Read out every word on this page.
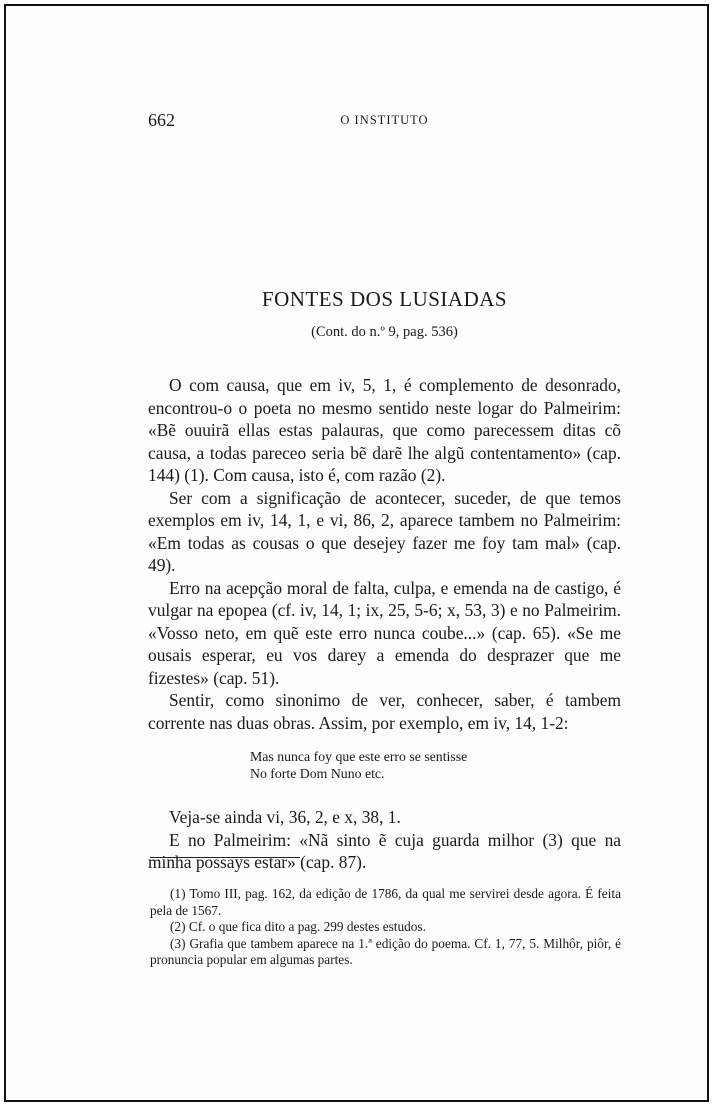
662	O INSTITUTO
FONTES DOS LUSIADAS
(Cont. do n.º 9, pag. 536)

O com causa, que em iv, 5, 1, é complemento de desonrado, encontrou-o o poeta no mesmo sentido neste logar do Palmeirim: «Bẽ ouuirã ellas estas palauras, que como parecessem ditas cõ causa, a todas pareceo seria bẽ darẽ lhe algũ contentamento» (cap. 144) (1). Com causa, isto é, com razão (2).

Ser com a significação de acontecer, suceder, de que temos exemplos em iv, 14, 1, e vi, 86, 2, aparece tambem no Palmeirim: «Em todas as cousas o que desejey fazer me foy tam mal» (cap. 49).

Erro na acepção moral de falta, culpa, e emenda na de castigo, é vulgar na epopea (cf. iv, 14, 1; ix, 25, 5-6; x, 53, 3) e no Palmeirim. «Vosso neto, em quẽ este erro nunca coube...» (cap. 65). «Se me ousais esperar, eu vos darey a emenda do desprazer que me fizestes» (cap. 51).

Sentir, como sinonimo de ver, conhecer, saber, é tambem corrente nas duas obras. Assim, por exemplo, em iv, 14, 1-2:

Mas nunca foy que este erro se sentisse
No forte Dom Nuno etc.

Veja-se ainda vi, 36, 2, e x, 38, 1.

E no Palmeirim: «Nã sinto ẽ cuja guarda milhor (3) que na minha possays estar» (cap. 87).

(1) Tomo III, pag. 162, da edição de 1786, da qual me servirei desde agora. É feita pela de 1567.

(2) Cf. o que fica dito a pag. 299 destes estudos.

(3) Grafia que tambem aparece na 1.ª edição do poema. Cf. 1, 77, 5. Milhôr, piôr, é pronuncia popular em algumas partes.
